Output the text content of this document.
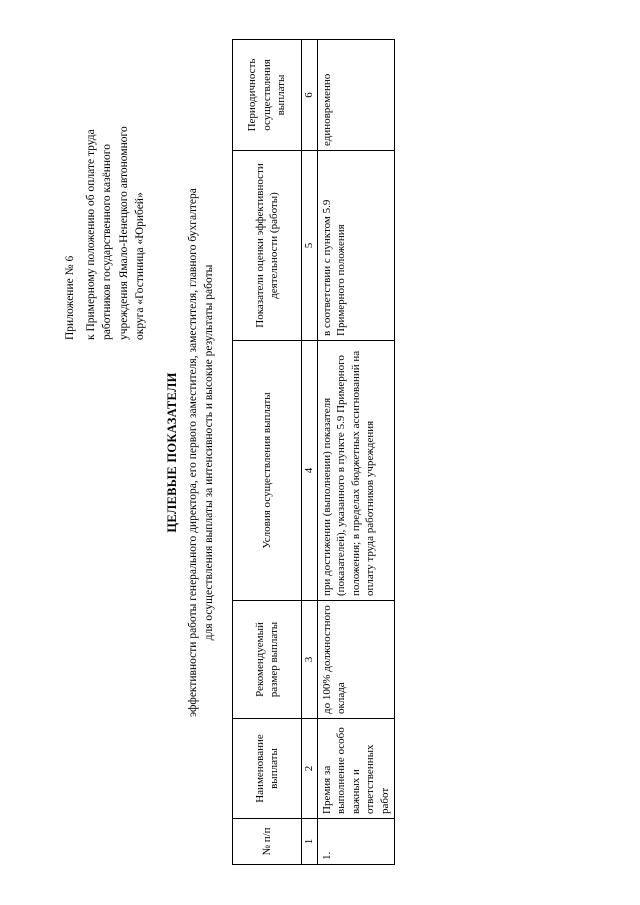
Приложение № 6 к Примерному положению об оплате труда работников государственного казённого учреждения Ямало-Ненецкого автономного округа «Гостиница «Юрибей»
ЦЕЛЕВЫЕ ПОКАЗАТЕЛИ эффективности работы генерального директора, его первого заместителя, заместителя, главного бухгалтера для осуществления выплаты за интенсивность и высокие результаты работы
№ п/п	Наименование выплаты	Рекомендуемый размер выплаты	Условия осуществления выплаты	Показатели оценки эффективности деятельности (работы)	Периодичность осуществления выплаты
1	2	3	4	5	6
1.	Премия за выполнение особо важных и ответственных работ	до 100% должностного оклада	при достижении (выполнении) показателя (показателей), указанного в пункте 5.9 Примерного положения; в пределах бюджетных ассигнований на оплату труда работников учреждения	в соответствии с пунктом 5.9 Примерного положения	единовременно
